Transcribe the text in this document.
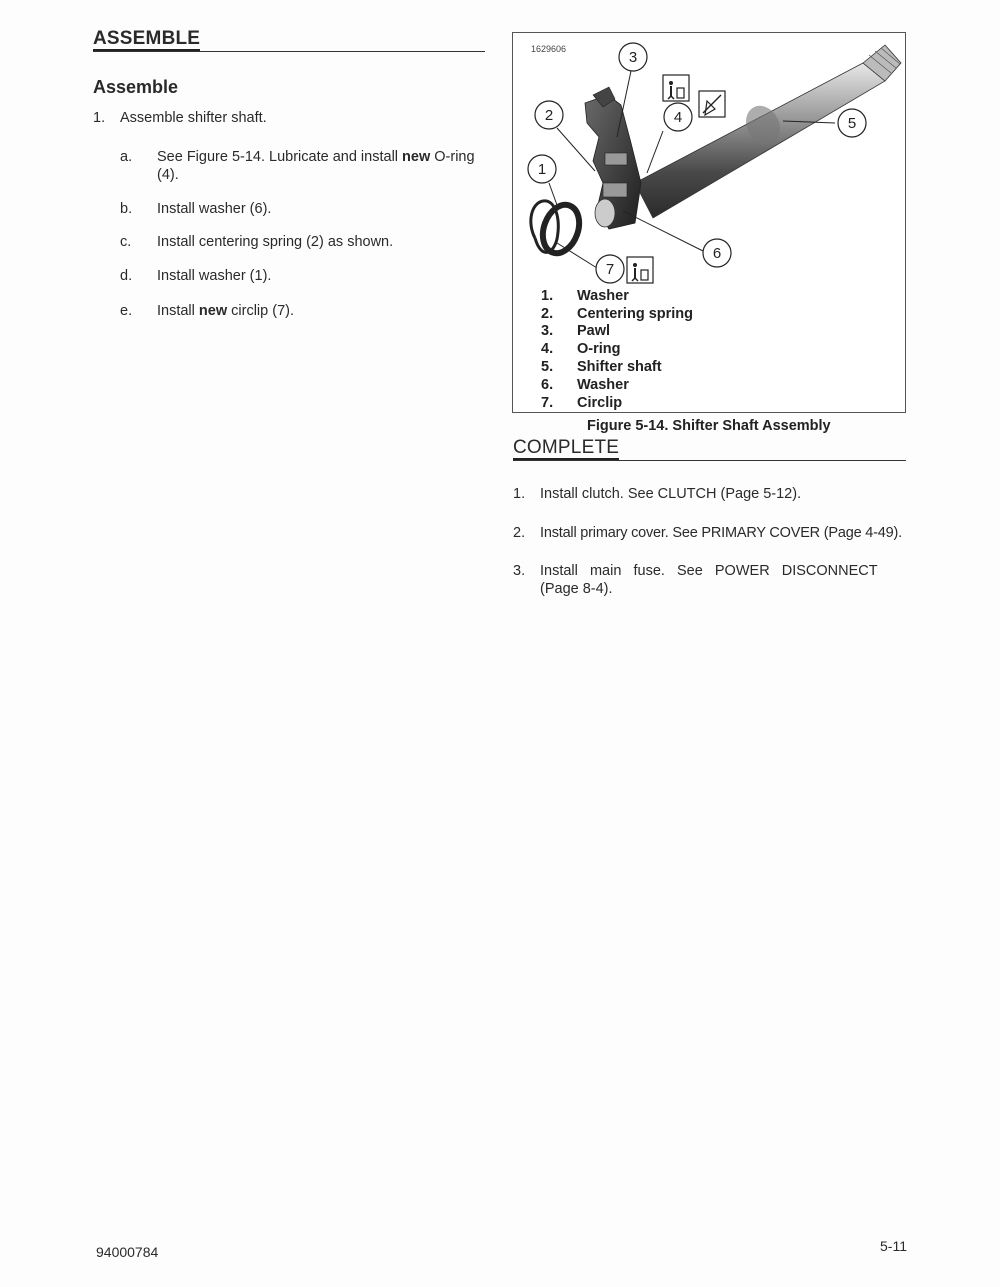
ASSEMBLE
Assemble
1. Assemble shifter shaft.
a. See Figure 5-14. Lubricate and install new O-ring
(4).
b. Install washer (6).
c. Install centering spring (2) as shown.
d. Install washer (1).
e. Install new circlip (7).
1629606	3
2	4
1
5
6
7
1.	Washer
2.	Centering spring
3.	Pawl
4.	O-ring
5.	Shifter shaft
6.	Washer
7.	Circlip
Figure 5-14. Shifter Shaft Assembly
COMPLETE
1. Install clutch. See CLUTCH (Page 5-12).
2. Install primary cover. See PRIMARY COVER (Page 4-49).
3. Install   main   fuse.   See   POWER   DISCONNECT
(Page 8-4).
94000784	5-11
